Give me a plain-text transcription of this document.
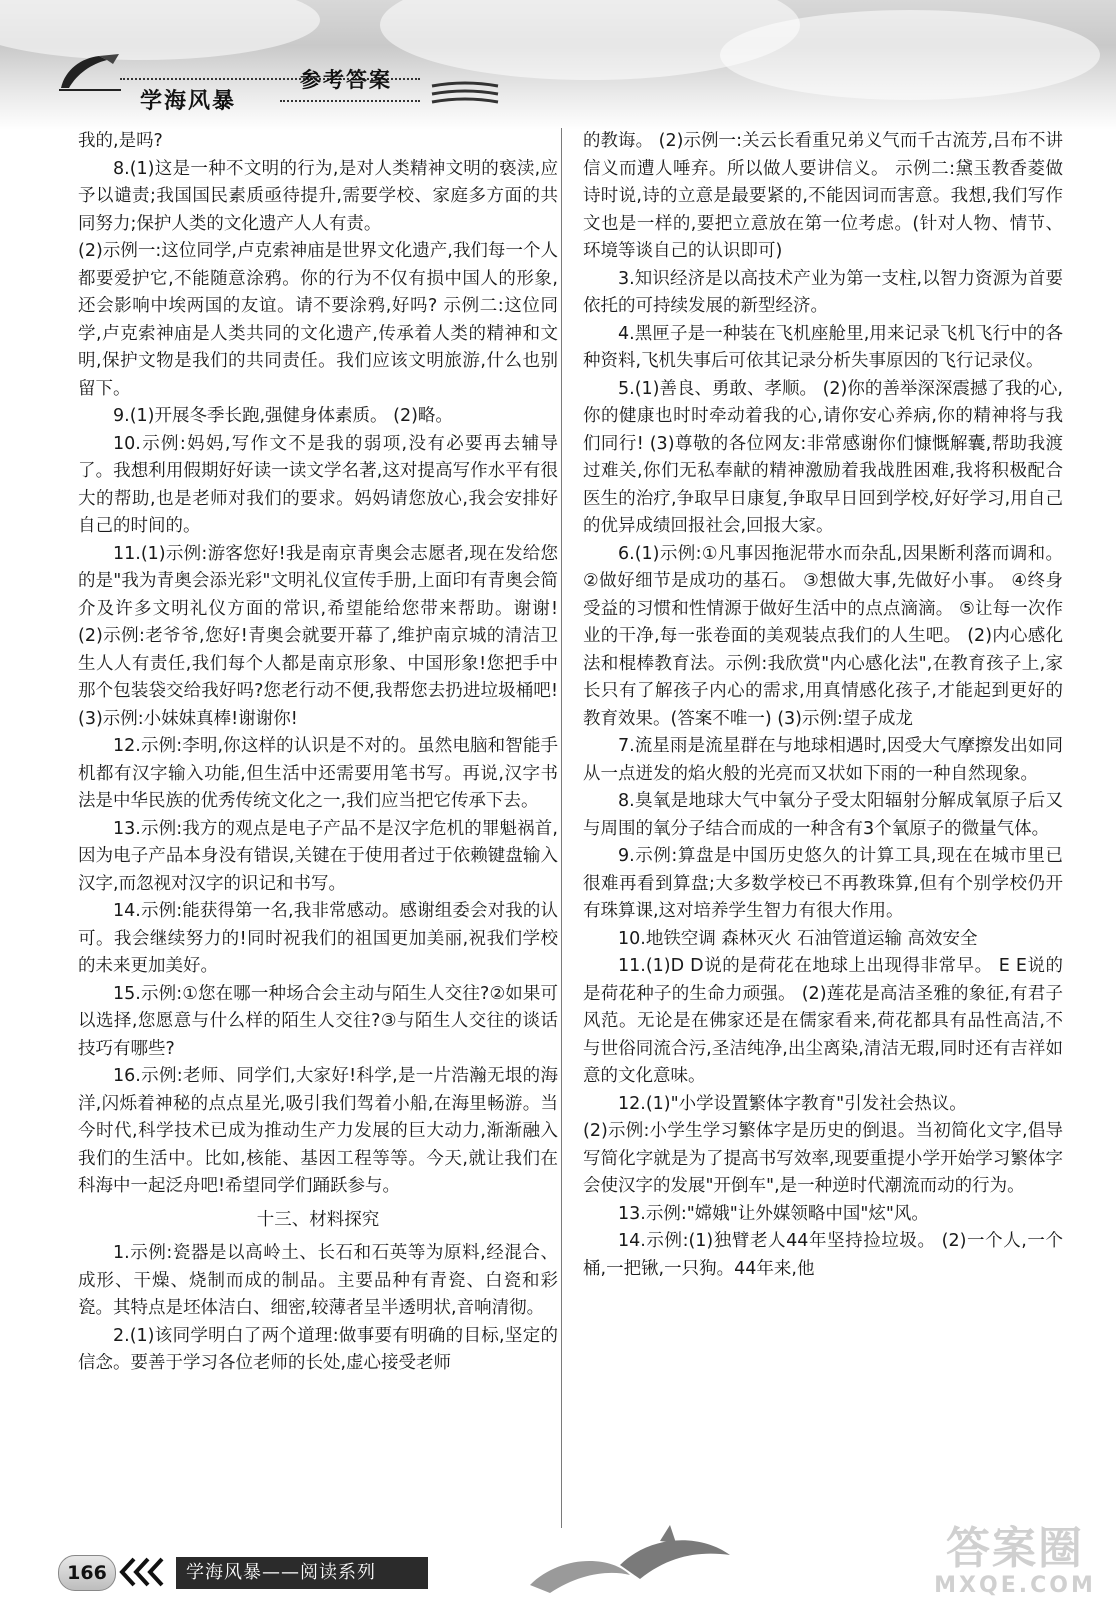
学海风暴
参考答案

我的,是吗?

8.(1)这是一种不文明的行为,是对人类精神文明的亵渎,应予以谴责;我国国民素质亟待提升,需要学校、家庭多方面的共同努力;保护人类的文化遗产人人有责。

(2)示例一:这位同学,卢克索神庙是世界文化遗产,我们每一个人都要爱护它,不能随意涂鸦。你的行为不仅有损中国人的形象,还会影响中埃两国的友谊。请不要涂鸦,好吗? 示例二:这位同学,卢克索神庙是人类共同的文化遗产,传承着人类的精神和文明,保护文物是我们的共同责任。我们应该文明旅游,什么也别留下。

9.(1)开展冬季长跑,强健身体素质。 (2)略。

10.示例:妈妈,写作文不是我的弱项,没有必要再去辅导了。我想利用假期好好读一读文学名著,这对提高写作水平有很大的帮助,也是老师对我们的要求。妈妈请您放心,我会安排好自己的时间的。

11.(1)示例:游客您好!我是南京青奥会志愿者,现在发给您的是"我为青奥会添光彩"文明礼仪宣传手册,上面印有青奥会简介及许多文明礼仪方面的常识,希望能给您带来帮助。谢谢! (2)示例:老爷爷,您好!青奥会就要开幕了,维护南京城的清洁卫生人人有责任,我们每个人都是南京形象、中国形象!您把手中那个包装袋交给我好吗?您老行动不便,我帮您去扔进垃圾桶吧! (3)示例:小妹妹真棒!谢谢你!

12.示例:李明,你这样的认识是不对的。虽然电脑和智能手机都有汉字输入功能,但生活中还需要用笔书写。再说,汉字书法是中华民族的优秀传统文化之一,我们应当把它传承下去。

13.示例:我方的观点是电子产品不是汉字危机的罪魁祸首,因为电子产品本身没有错误,关键在于使用者过于依赖键盘输入汉字,而忽视对汉字的识记和书写。

14.示例:能获得第一名,我非常感动。感谢组委会对我的认可。我会继续努力的!同时祝我们的祖国更加美丽,祝我们学校的未来更加美好。

15.示例:①您在哪一种场合会主动与陌生人交往?②如果可以选择,您愿意与什么样的陌生人交往?③与陌生人交往的谈话技巧有哪些?

16.示例:老师、同学们,大家好!科学,是一片浩瀚无垠的海洋,闪烁着神秘的点点星光,吸引我们驾着小船,在海里畅游。当今时代,科学技术已成为推动生产力发展的巨大动力,渐渐融入我们的生活中。比如,核能、基因工程等等。今天,就让我们在科海中一起泛舟吧!希望同学们踊跃参与。

十三、材料探究

1.示例:瓷器是以高岭土、长石和石英等为原料,经混合、成形、干燥、烧制而成的制品。主要品种有青瓷、白瓷和彩瓷。其特点是坯体洁白、细密,较薄者呈半透明状,音响清彻。

2.(1)该同学明白了两个道理:做事要有明确的目标,坚定的信念。要善于学习各位老师的长处,虚心接受老师

的教诲。 (2)示例一:关云长看重兄弟义气而千古流芳,吕布不讲信义而遭人唾弃。所以做人要讲信义。 示例二:黛玉教香菱做诗时说,诗的立意是最要紧的,不能因词而害意。我想,我们写作文也是一样的,要把立意放在第一位考虑。(针对人物、情节、环境等谈自己的认识即可)

3.知识经济是以高技术产业为第一支柱,以智力资源为首要依托的可持续发展的新型经济。

4.黑匣子是一种装在飞机座舱里,用来记录飞机飞行中的各种资料,飞机失事后可依其记录分析失事原因的飞行记录仪。

5.(1)善良、勇敢、孝顺。 (2)你的善举深深震撼了我的心,你的健康也时时牵动着我的心,请你安心养病,你的精神将与我们同行! (3)尊敬的各位网友:非常感谢你们慷慨解囊,帮助我渡过难关,你们无私奉献的精神激励着我战胜困难,我将积极配合医生的治疗,争取早日康复,争取早日回到学校,好好学习,用自己的优异成绩回报社会,回报大家。

6.(1)示例:①凡事因拖泥带水而杂乱,因果断利落而调和。 ②做好细节是成功的基石。 ③想做大事,先做好小事。 ④终身受益的习惯和性情源于做好生活中的点点滴滴。 ⑤让每一次作业的干净,每一张卷面的美观装点我们的人生吧。 (2)内心感化法和棍棒教育法。示例:我欣赏"内心感化法",在教育孩子上,家长只有了解孩子内心的需求,用真情感化孩子,才能起到更好的教育效果。(答案不唯一) (3)示例:望子成龙

7.流星雨是流星群在与地球相遇时,因受大气摩擦发出如同从一点迸发的焰火般的光亮而又状如下雨的一种自然现象。

8.臭氧是地球大气中氧分子受太阳辐射分解成氧原子后又与周围的氧分子结合而成的一种含有3个氧原子的微量气体。

9.示例:算盘是中国历史悠久的计算工具,现在在城市里已很难再看到算盘;大多数学校已不再教珠算,但有个别学校仍开有珠算课,这对培养学生智力有很大作用。

10.地铁空调 森林灭火 石油管道运输 高效安全

11.(1)D D说的是荷花在地球上出现得非常早。 E E说的是荷花种子的生命力顽强。 (2)莲花是高洁圣雅的象征,有君子风范。无论是在佛家还是在儒家看来,荷花都具有品性高洁,不与世俗同流合污,圣洁纯净,出尘离染,清洁无瑕,同时还有吉祥如意的文化意味。

12.(1)"小学设置繁体字教育"引发社会热议。

(2)示例:小学生学习繁体字是历史的倒退。当初简化文字,倡导写简化字就是为了提高书写效率,现要重提小学开始学习繁体字会使汉字的发展"开倒车",是一种逆时代潮流而动的行为。

13.示例:"嫦娥"让外媒领略中国"炫"风。

14.示例:(1)独臂老人44年坚持捡垃圾。 (2)一个人,一个桶,一把锹,一只狗。44年来,他

166	学海风暴——阅读系列	答案圈
MXQE.COM
